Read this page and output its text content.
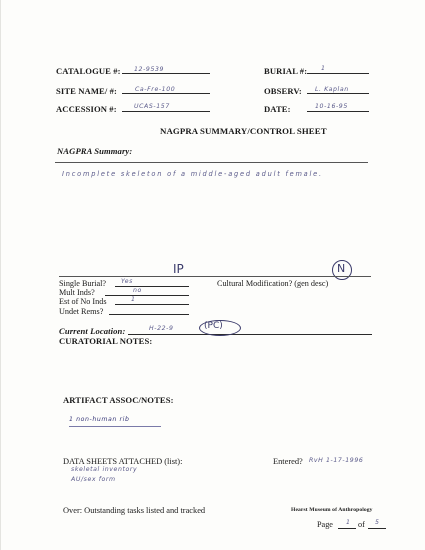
CATALOGUE #: 12-9539	BURIAL #: 1
SITE NAME/ #:	Ca-Fre-100	OBSERV: L. Kaplan
ACCESSION #:	UCAS-157	DATE:	10-16-95
NAGPRA SUMMARY/CONTROL SHEET
NAGPRA Summary:
Incomplete skeleton of a middle-aged adult female.
IP	N
Single Burial? Yes	Cultural Modification? (gen desc)
Mult Inds?	no
Est of No Inds	1
Undet Rems?
Current Location:	H-22-9	(PC)
CURATORIAL NOTES:
ARTIFACT ASSOC/NOTES:
1 non-human rib
DATA SHEETS ATTACHED (list):
skeletal inventory
AU/sex form
Entered? RvH 1-17-1996
Over: Outstanding tasks listed and tracked	Hearst Museum of Anthropology
Page 1 of 5
